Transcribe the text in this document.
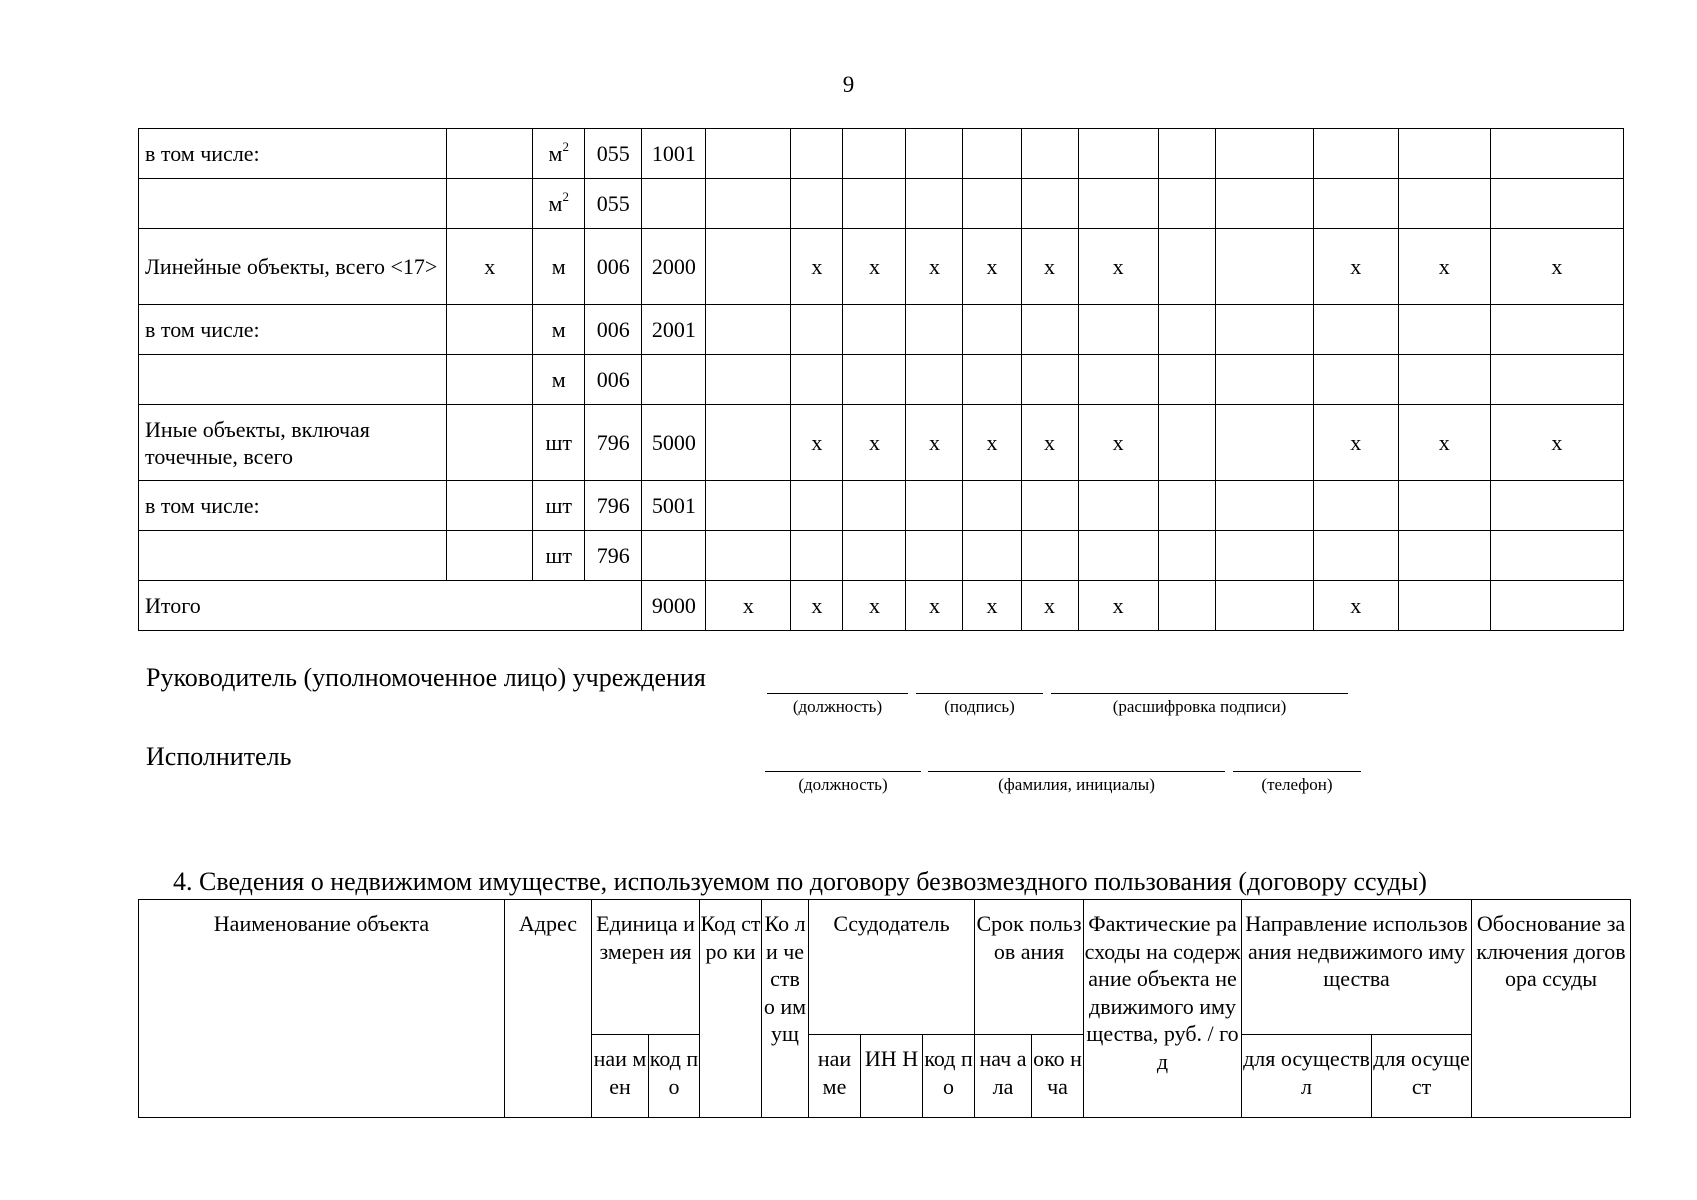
9
в том числе:		$м^2$	055	1001												
		$м^2$	055													
Линейные объекты, всего <17>	х	м	006	2000		х	х	х	х	х	х			х	х	х
в том числе:		м	006	2001												
		м	006													
Иные объекты, включая точечные, всего		шт	796	5000		х	х	х	х	х	х			х	х	х
в том числе:		шт	796	5001												
		шт	796													
Итого				9000	х	х	х	х	х	х	х			х		
Руководитель (уполномоченное лицо) учреждения
(должность)	(подпись)	(расшифровка подписи)
Исполнитель
(должность)	(фамилия, инициалы)	(телефон)
4. Сведения о недвижимом имуществе, используемом по договору безвозмездного пользования (договору ссуды)
Наименование объекта	Адрес	Единица измерен ия		Код стро ки	Ко ли че ств о им ущ	Ссудодатель			Срок пользов ания		Фактические расходы на содержание объекта недвижимого имущества, руб. / год	Направление использования недвижимого имущества		Обоснование заключения договора ссуды
		наи мен	код по			наи ме	ИН Н	код по	нач ала	око нча		для осуществл	для осущест	
